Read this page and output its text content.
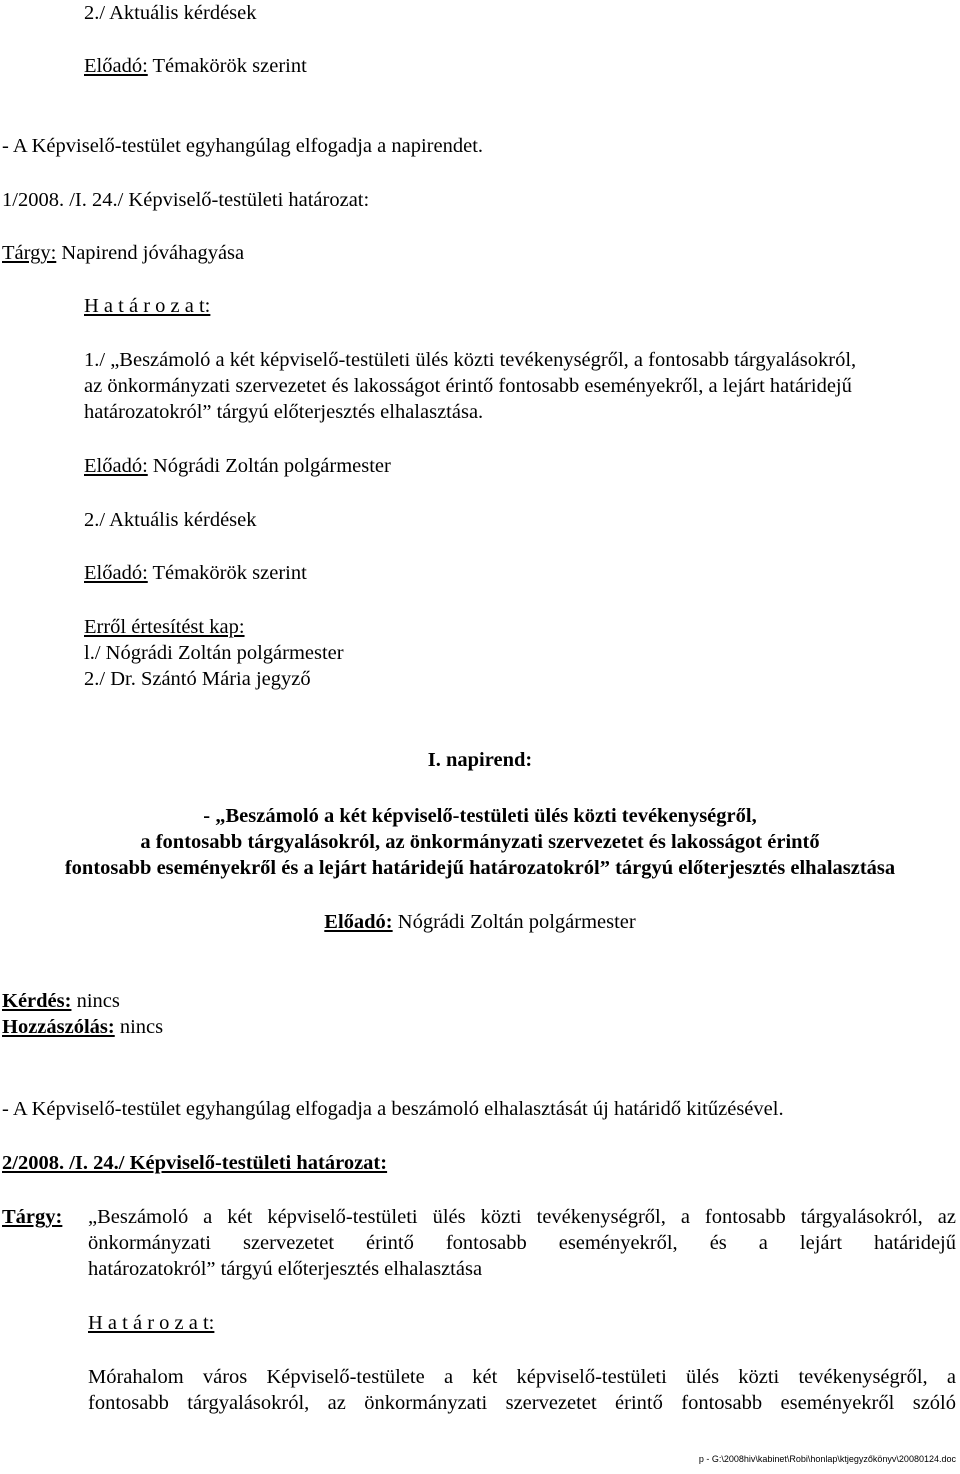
2./ Aktuális kérdések

Előadó: Témakörök szerint

- A Képviselő-testület egyhangúlag elfogadja a napirendet.

1/2008. /I. 24./ Képviselő-testületi határozat:

Tárgy: Napirend jóváhagyása

H a t á r o z a t:

1./ „Beszámoló a két képviselő-testületi ülés közti tevékenységről, a fontosabb tárgyalásokról,

az önkormányzati szervezetet és lakosságot érintő fontosabb eseményekről, a lejárt határidejű

határozatokról” tárgyú előterjesztés elhalasztása.

Előadó: Nógrádi Zoltán polgármester

2./ Aktuális kérdések

Előadó: Témakörök szerint

Erről értesítést kap:

l./ Nógrádi Zoltán polgármester

2./ Dr. Szántó Mária jegyző

I. napirend:

- „Beszámoló a két képviselő-testületi ülés közti tevékenységről,

a fontosabb tárgyalásokról, az önkormányzati szervezetet és lakosságot érintő

fontosabb eseményekről és a lejárt határidejű határozatokról” tárgyú előterjesztés elhalasztása

Előadó: Nógrádi Zoltán polgármester

Kérdés: nincs

Hozzászólás: nincs

- A Képviselő-testület egyhangúlag elfogadja a beszámoló elhalasztását új határidő kitűzésével.

2/2008. /I. 24./ Képviselő-testületi határozat:

Tárgy: „Beszámoló a két képviselő-testületi ülés közti tevékenységről, a fontosabb tárgyalásokról, az

önkormányzati szervezetet érintő fontosabb eseményekről, és a lejárt határidejű

határozatokról” tárgyú előterjesztés elhalasztása

H a t á r o z a t:

Mórahalom város Képviselő-testülete a két képviselő-testületi ülés közti tevékenységről, a

fontosabb tárgyalásokról, az önkormányzati szervezetet érintő fontosabb eseményekről szóló

p - G:\2008hiv\kabinet\Robi\honlap\ktjegyzőkönyv\20080124.doc
